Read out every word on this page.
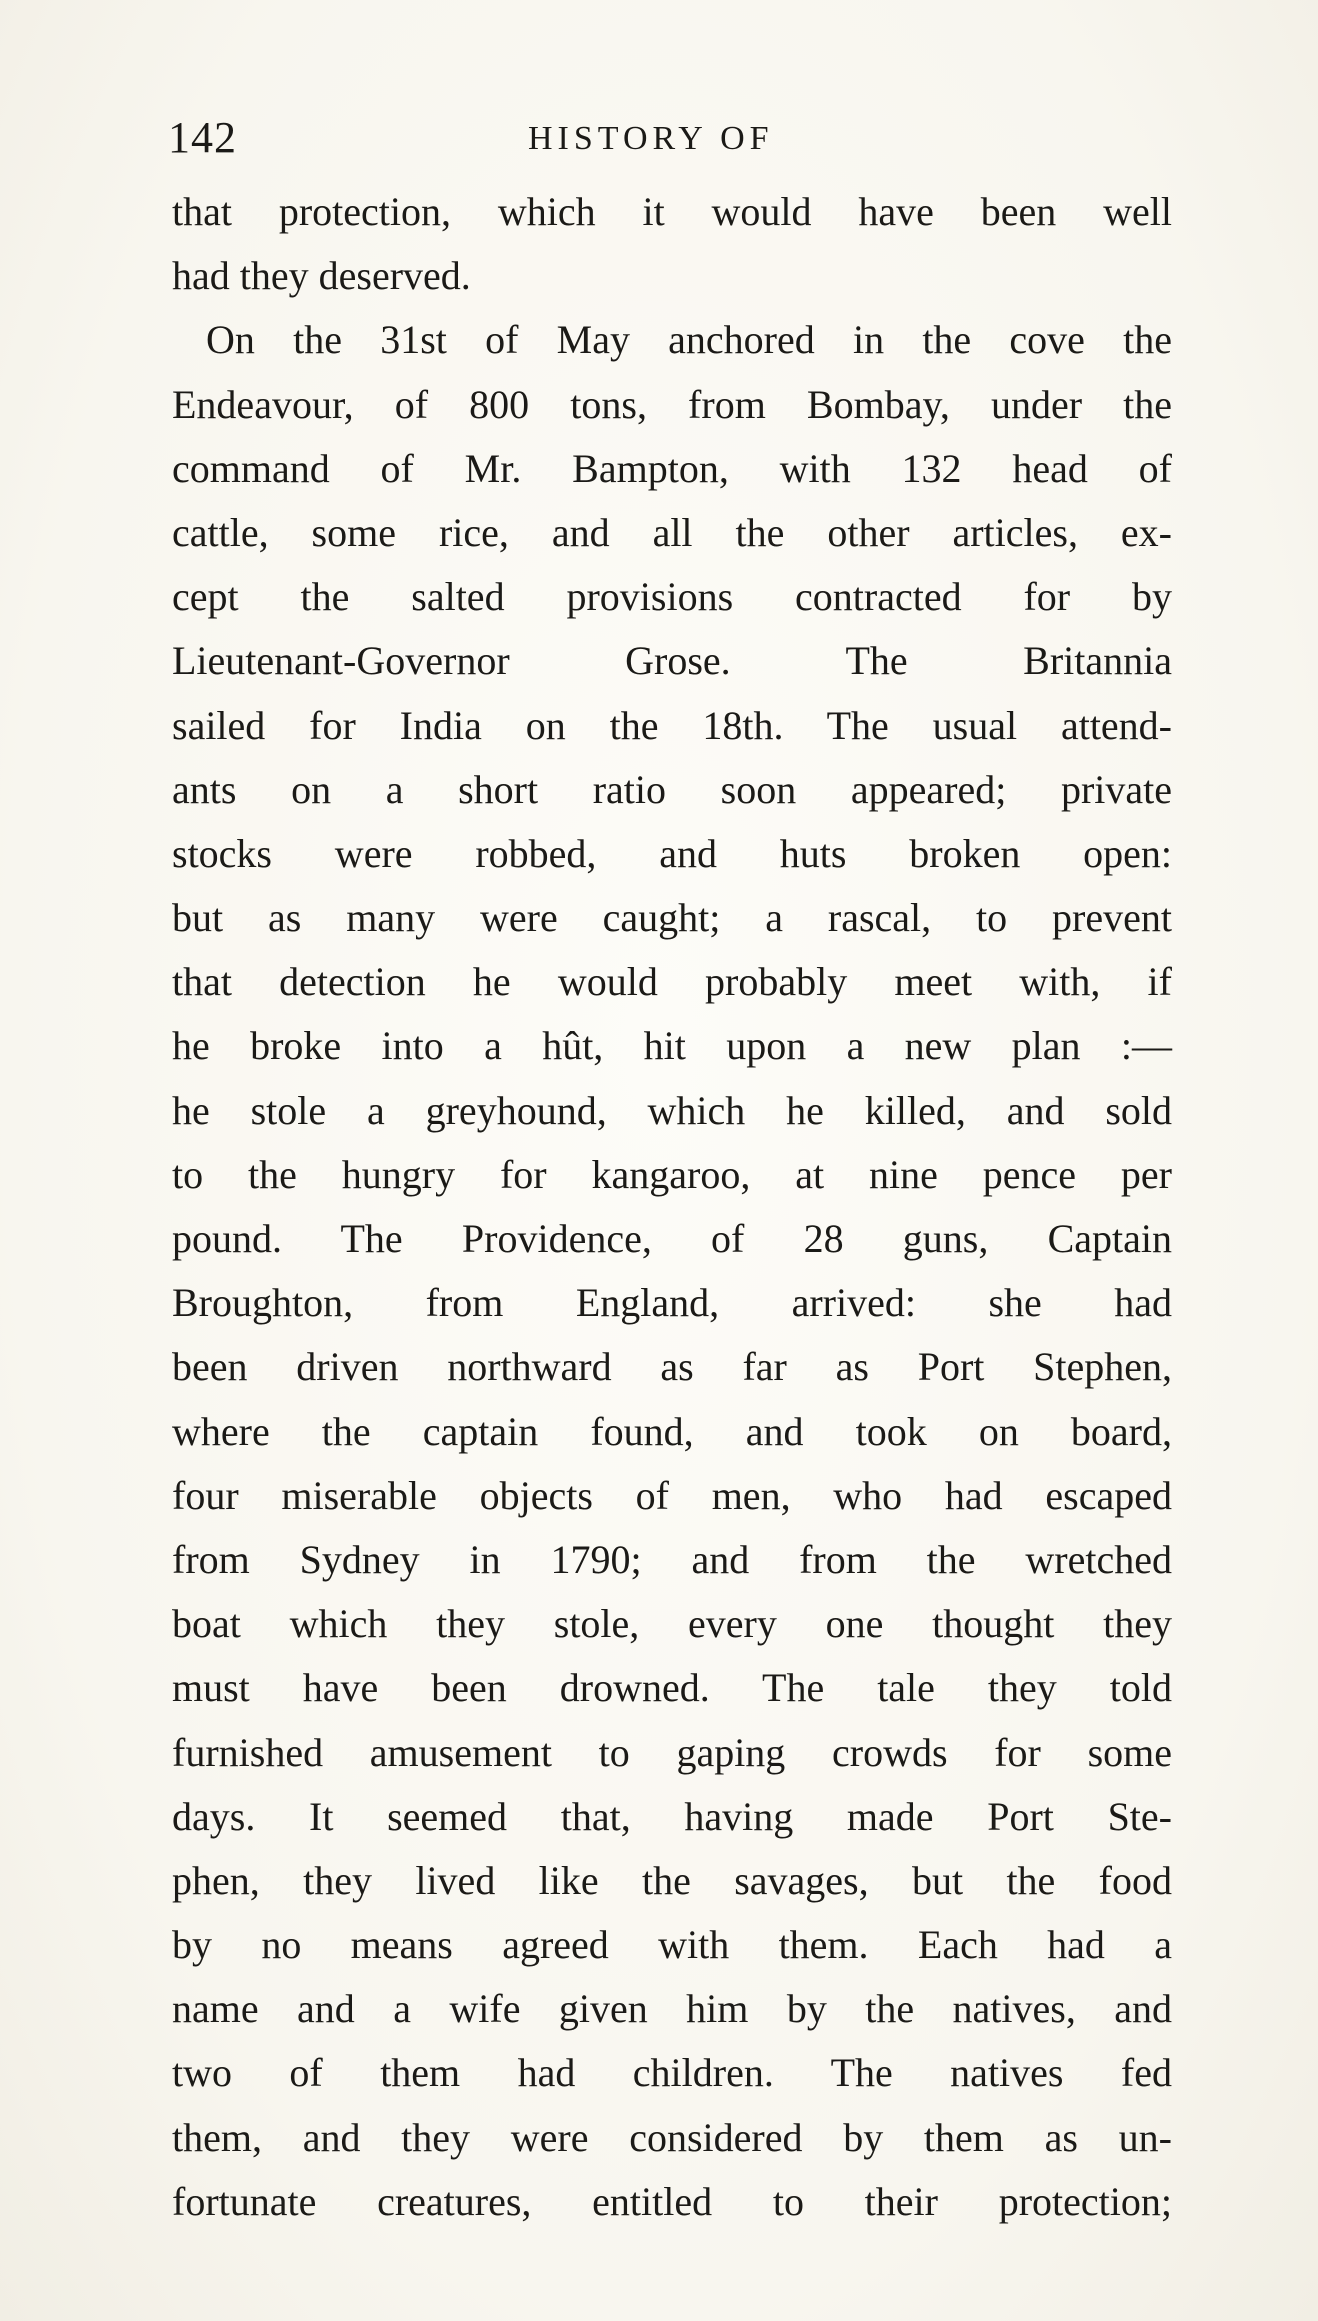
142	HISTORY OF
that protection, which it would have been well
had they deserved.
On the 31st of May anchored in the cove the
Endeavour, of 800 tons, from Bombay, under the
command of Mr. Bampton, with 132 head of
cattle, some rice, and all the other articles, ex-
cept the salted provisions contracted for by
Lieutenant-Governor Grose. The Britannia
sailed for India on the 18th. The usual attend-
ants on a short ratio soon appeared; private
stocks were robbed, and huts broken open:
but as many were caught; a rascal, to prevent
that detection he would probably meet with, if
he broke into a hût, hit upon a new plan :—
he stole a greyhound, which he killed, and sold
to the hungry for kangaroo, at nine pence per
pound. The Providence, of 28 guns, Captain
Broughton, from England, arrived: she had
been driven northward as far as Port Stephen,
where the captain found, and took on board,
four miserable objects of men, who had escaped
from Sydney in 1790; and from the wretched
boat which they stole, every one thought they
must have been drowned. The tale they told
furnished amusement to gaping crowds for some
days. It seemed that, having made Port Ste-
phen, they lived like the savages, but the food
by no means agreed with them. Each had a
name and a wife given him by the natives, and
two of them had children. The natives fed
them, and they were considered by them as un-
fortunate creatures, entitled to their protection;
